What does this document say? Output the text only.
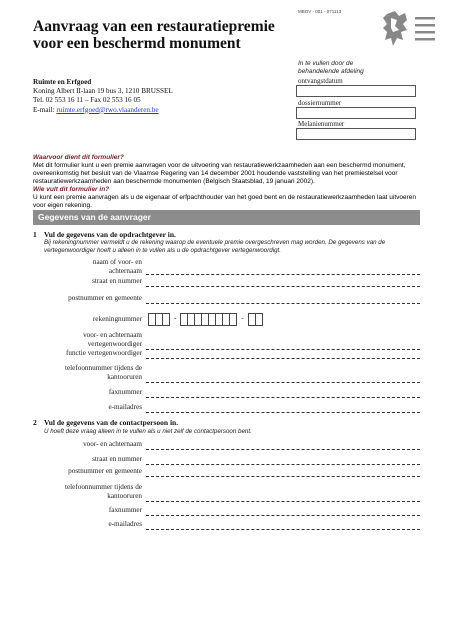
Aanvraag van een restauratiepremie voor een beschermd monument
MBOV - 001 - 071113
In te vullen door de behandelende afdeling
ontvangstdatum
dossiernummer
Melanienummer
Ruimte en Erfgoed
Koning Albert II-laan 19 bus 3, 1210 BRUSSEL
Tel. 02 553 16 11 – Fax 02 553 16 05
E-mail: ruimte.erfgoed@rwo.vlaanderen.be
Waarvoor dient dit formulier?
Met dit formulier kunt u een premie aanvragen voor de uitvoering van restauratiewerkzaamheden aan een beschermd monument, overeenkomstig het besluit van de Vlaamse Regering van 14 december 2001 houdende vaststelling van het premiestelsel voor restauratiewerkzaamheden aan beschermde monumenten (Belgisch Staatsblad, 19 januari 2002).
Wie vult dit formulier in?
U kunt een premie aanvragen als u de eigenaar of erfpachthouder van het goed bent en de restauratiewerkzaamheden laat uitvoeren voor eigen rekening.
Gegevens van de aanvrager
1 Vul de gegevens van de opdrachtgever in.
Bij rekeningnummer vermeldt u de rekening waarop de eventuele premie overgeschreven mag worden. De gegevens van de vertegenwoordiger hoeft u alleen in te vullen als u de opdrachtgever vertegenwoordigt.
naam of voor- en achternaam
straat en nummer
postnummer en gemeente
rekeningnummer	-	-
voor- en achternaam vertegenwoordiger
functie vertegenwoordiger
telefoonnummer tijdens de kantooruren
faxnummer
e-mailadres
2 Vul de gegevens van de contactpersoon in.
U hoeft deze vraag alleen in te vullen als u niet zelf de contactpersoon bent.
voor- en achternaam
straat en nummer
postnummer en gemeente
telefoonnummer tijdens de kantooruren
faxnummer
e-mailadres
